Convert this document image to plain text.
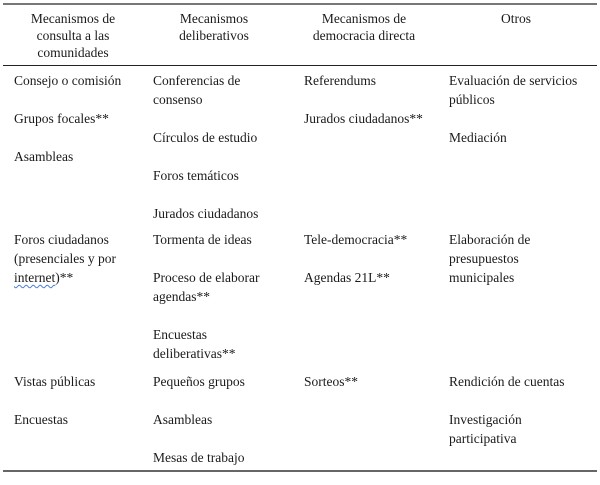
Mecanismos de
consulta a las
comunidades
Mecanismos
deliberativos
Mecanismos de
democracia directa
Otros
Consejo o comisión
Grupos focales**
Asambleas
Conferencias de consenso
Círculos de estudio
Foros temáticos
Jurados ciudadanos
Referendums
Jurados ciudadanos**
Evaluación de servicios públicos
Mediación
Foros ciudadanos
(presenciales y por
internet)**
Tormenta de ideas
Proceso de elaborar agendas**
Encuestas deliberativas**
Tele-democracia**
Agendas 21L**
Elaboración de presupuestos municipales
Vistas públicas
Encuestas
Pequeños grupos
Asambleas
Mesas de trabajo
Sorteos**	Rendición de cuentas
Investigación participativa
